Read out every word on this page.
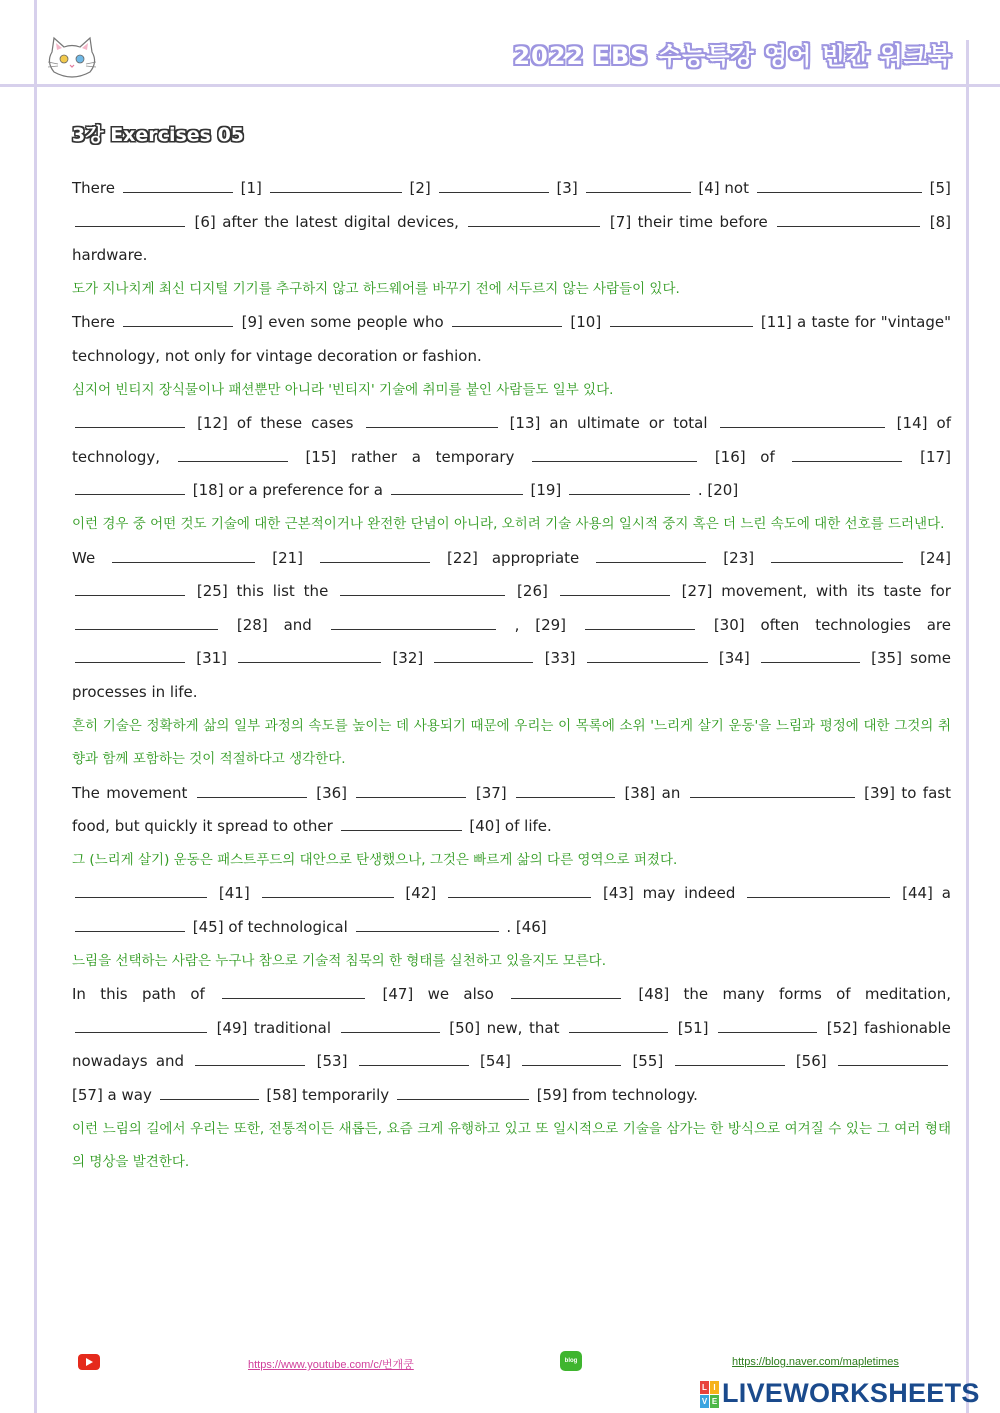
2022 EBS 수능특강 영어 빈칸 워크북
3강 Exercises 05
There	[1]	[2]	[3]	[4] not	[5]  [6] after the latest digital devices,	[7] their time before	[8] hardware.
도가 지나치게 최신 디지털 기기를 추구하지 않고 하드웨어를 바꾸기 전에 서두르지 않는 사람들이 있다.
There	[9] even some people who	[10]	[11] a taste for "vintage" technology, not only for vintage decoration or fashion.
심지어 빈티지 장식물이나 패션뿐만 아니라 '빈티지' 기술에 취미를 붙인 사람들도 일부 있다.
[12] of these cases	[13] an ultimate or total	[14] of technology,	[15] rather a temporary	[16] of	[17]  [18] or a preference for a	[19]	. [20]
이런 경우 중 어떤 것도 기술에 대한 근본적이거나 완전한 단념이 아니라, 오히려 기술 사용의 일시적 중지 혹은 더 느린 속도에 대한 선호를 드러낸다.
We	[21]	[22] appropriate	[23]	[24]  [25] this list the	[26]	[27] movement, with its taste for  [28] and	, [29]	[30] often technologies are  [31]	[32]	[33]	[34]	[35] some processes in life.
흔히 기술은 정확하게 삶의 일부 과정의 속도를 높이는 데 사용되기 때문에 우리는 이 목록에 소위 '느리게 살기 운동'을 느림과 평정에 대한 그것의 취향과 함께 포함하는 것이 적절하다고 생각한다.
The movement	[36]	[37]	[38] an	[39] to fast food, but quickly it spread to other	[40] of life.
그 (느리게 살기) 운동은 패스트푸드의 대안으로 탄생했으나, 그것은 빠르게 삶의 다른 영역으로 퍼졌다.
[41]	[42]	[43] may indeed	[44] a  [45] of technological	. [46]
느림을 선택하는 사람은 누구나 참으로 기술적 침묵의 한 형태를 실천하고 있을지도 모른다.
In this path of	[47] we also	[48] the many forms of meditation,  [49] traditional	[50] new, that	[51]	[52] fashionable nowadays and	[53]	[54]	[55]	[56]  [57] a way	[58] temporarily	[59] from technology.
이런 느림의 길에서 우리는 또한, 전통적이든 새롭든, 요즘 크게 유행하고 있고 또 일시적으로 기술을 삼가는 한 방식으로 여겨질 수 있는 그 여러 형태의 명상을 발견한다.
https://www.youtube.com/c/번개쿵	blog	https://blog.naver.com/mapletimes
L I
V E LIVEWORKSHEETS
